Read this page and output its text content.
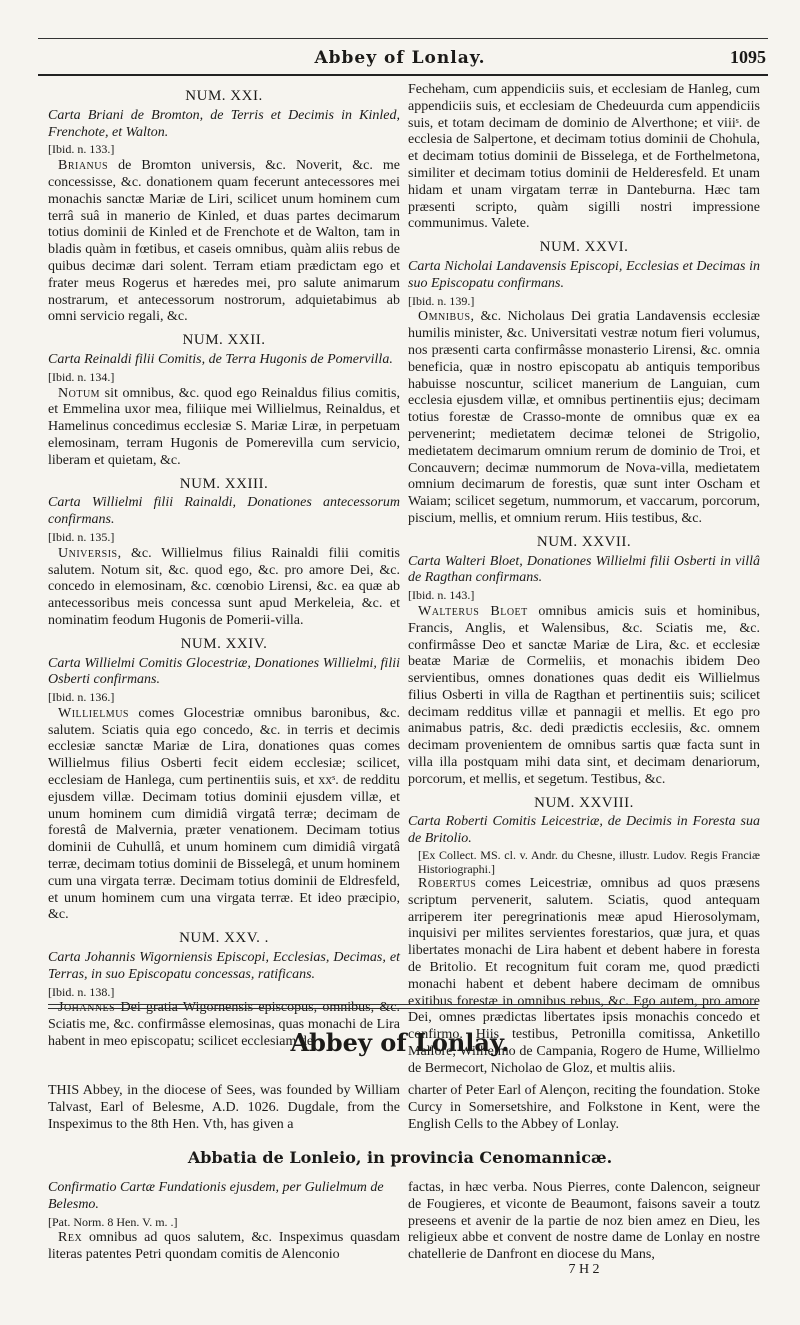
Abbey of Lonlay.	1095
NUM. XXI.

Carta Briani de Bromton, de Terris et Decimis in Kinled, Frenchote, et Walton.

[Ibid. n. 133.]

Brianus de Bromton universis, &c. Noverit, &c. me concessisse, &c. donationem quam fecerunt antecessores mei monachis sanctæ Mariæ de Liri, scilicet unum hominem cum terrâ suâ in manerio de Kinled, et duas partes decimarum totius dominii de Kinled et de Frenchote et de Walton, tam in bladis quàm in fœtibus, et caseis omnibus, quàm aliis rebus de quibus decimæ dari solent. Terram etiam prædictam ego et frater meus Rogerus et hæredes mei, pro salute animarum nostrarum, et antecessorum nostrorum, adquietabimus ab omni servicio regali, &c.

NUM. XXII.

Carta Reinaldi filii Comitis, de Terra Hugonis de Pomervilla.

[Ibid. n. 134.]

Notum sit omnibus, &c. quod ego Reinaldus filius comitis, et Emmelina uxor mea, filiique mei Willielmus, Reinaldus, et Hamelinus concedimus ecclesiæ S. Mariæ Liræ, in perpetuam elemosinam, terram Hugonis de Pomerevilla cum servicio, liberam et quietam, &c.

NUM. XXIII.

Carta Willielmi filii Rainaldi, Donationes antecessorum confirmans.

[Ibid. n. 135.]

Universis, &c. Willielmus filius Rainaldi filii comitis salutem. Notum sit, &c. quod ego, &c. pro amore Dei, &c. concedo in elemosinam, &c. cœnobio Lirensi, &c. ea quæ ab antecessoribus meis concessa sunt apud Merkeleia, &c. et nominatim feodum Hugonis de Pomerii-villa.

NUM. XXIV.

Carta Willielmi Comitis Glocestriæ, Donationes Willielmi, filii Osberti confirmans.

[Ibid. n. 136.]

Willielmus comes Glocestriæ omnibus baronibus, &c. salutem. Sciatis quia ego concedo, &c. in terris et decimis ecclesiæ sanctæ Mariæ de Lira, donationes quas comes Willielmus filius Osberti fecit eidem ecclesiæ; scilicet, ecclesiam de Hanlega, cum pertinentiis suis, et xxˢ. de redditu ejusdem villæ. Decimam totius dominii ejusdem villæ, et unum hominem cum dimidiâ virgatâ terræ; decimam de forestâ de Malvernia, præter venationem. Decimam totius dominii de Cuhullâ, et unum hominem cum dimidiâ virgatâ terræ, decimam totius dominii de Bisselegâ, et unum hominem cum una virgata terræ. Decimam totius dominii de Eldresfeld, et unum hominem cum una virgata terræ. Et ideo præcipio, &c.

NUM. XXV. .

Carta Johannis Wigorniensis Episcopi, Ecclesias, Decimas, et Terras, in suo Episcopatu concessas, ratificans.

[Ibid. n. 138.]

Johannes Dei gratia Wigornensis episcopus, omnibus, &c. Sciatis me, &c. confirmâsse elemosinas, quas monachi de Lira habent in meo episcopatu; scilicet ecclesiam de

Fecheham, cum appendiciis suis, et ecclesiam de Hanleg, cum appendiciis suis, et ecclesiam de Chedeuurda cum appendiciis suis, et totam decimam de dominio de Alverthone; et viiiˢ. de ecclesia de Salpertone, et decimam totius dominii de Chohula, et decimam totius dominii de Bisselega, et de Forthelmetona, similiter et decimam totius dominii de Helderesfeld. Et unam hidam et unam virgatam terræ in Danteburna. Hæc tam præsenti scripto, quàm sigilli nostri impressione communimus. Valete.

NUM. XXVI.

Carta Nicholai Landavensis Episcopi, Ecclesias et Decimas in suo Episcopatu confirmans.

[Ibid. n. 139.]

Omnibus, &c. Nicholaus Dei gratia Landavensis ecclesiæ humilis minister, &c. Universitati vestræ notum fieri volumus, nos præsenti carta confirmâsse monasterio Lirensi, &c. omnia beneficia, quæ in nostro episcopatu ab antiquis temporibus habuisse noscuntur, scilicet manerium de Languian, cum ecclesia ejusdem villæ, et omnibus pertinentiis ejus; decimam totius forestæ de Crasso-monte de omnibus quæ ex ea pervenerint; medietatem decimæ telonei de Strigolio, medietatem decimarum omnium rerum de dominio de Troi, et Concauvern; decimæ nummorum de Nova-villa, medietatem omnium decimarum de forestis, quæ sunt inter Oscham et Waiam; scilicet segetum, nummorum, et vaccarum, porcorum, piscium, mellis, et omnium rerum. Hiis testibus, &c.

NUM. XXVII.

Carta Walteri Bloet, Donationes Willielmi filii Osberti in villâ de Ragthan confirmans.

[Ibid. n. 143.]

Walterus Bloet omnibus amicis suis et hominibus, Francis, Anglis, et Walensibus, &c. Sciatis me, &c. confirmâsse Deo et sanctæ Mariæ de Lira, &c. et ecclesiæ beatæ Mariæ de Cormeliis, et monachis ibidem Deo servientibus, omnes donationes quas dedit eis Willielmus filius Osberti in villa de Ragthan et pertinentiis suis; scilicet decimam redditus villæ et pannagii et mellis. Et ego pro animabus patris, &c. dedi prædictis ecclesiis, &c. omnem decimam provenientem de omnibus sartis quæ facta sunt in villa illa postquam mihi data sint, et decimam denariorum, porcorum, et mellis, et segetum. Testibus, &c.

NUM. XXVIII.

Carta Roberti Comitis Leicestriæ, de Decimis in Foresta sua de Britolio.

[Ex Collect. MS. cl. v. Andr. du Chesne, illustr. Ludov. Regis Franciæ Historiographi.]

Robertus comes Leicestriæ, omnibus ad quos præsens scriptum pervenerit, salutem. Sciatis, quod antequam arriperem iter peregrinationis meæ apud Hierosolymam, inquisivi per milites servientes forestarios, quæ jura, et quas libertates monachi de Lira habent et debent habere in foresta de Britolio. Et recognitum fuit coram me, quod prædicti monachi habent et debent habere decimam de omnibus exitibus forestæ in omnibus rebus, &c. Ego autem, pro amore Dei, omnes prædictas libertates ipsis monachis concedo et confirmo. Hiis testibus, Petronilla comitissa, Anketillo Mallore, Willielmo de Campania, Rogero de Hume, Willielmo de Bermecort, Nicholao de Gloz, et multis aliis.

Abbey of Lonlay.
THIS Abbey, in the diocese of Sees, was founded by William Talvast, Earl of Belesme, A.D. 1026. Dugdale, from the Inspeximus to the 8th Hen. Vth, has given a
charter of Peter Earl of Alençon, reciting the foundation. Stoke Curcy in Somersetshire, and Folkstone in Kent, were the English Cells to the Abbey of Lonlay.
Abbatia de Lonleio, in provincia Cenomannicæ.

Confirmatio Cartæ Fundationis ejusdem, per Gulielmum de Belesmo.

[Pat. Norm. 8 Hen. V. m. .]

Rex omnibus ad quos salutem, &c. Inspeximus quasdam literas patentes Petri quondam comitis de Alenconio

factas, in hæc verba. Nous Pierres, conte Dalencon, seigneur de Fougieres, et viconte de Beaumont, faisons saveir a toutz preseens et avenir de la partie de noz bien amez en Dieu, les religieux abbe et convent de nostre dame de Lonlay en nostre chatellerie de Danfront en diocese du Mans,

7 H 2
